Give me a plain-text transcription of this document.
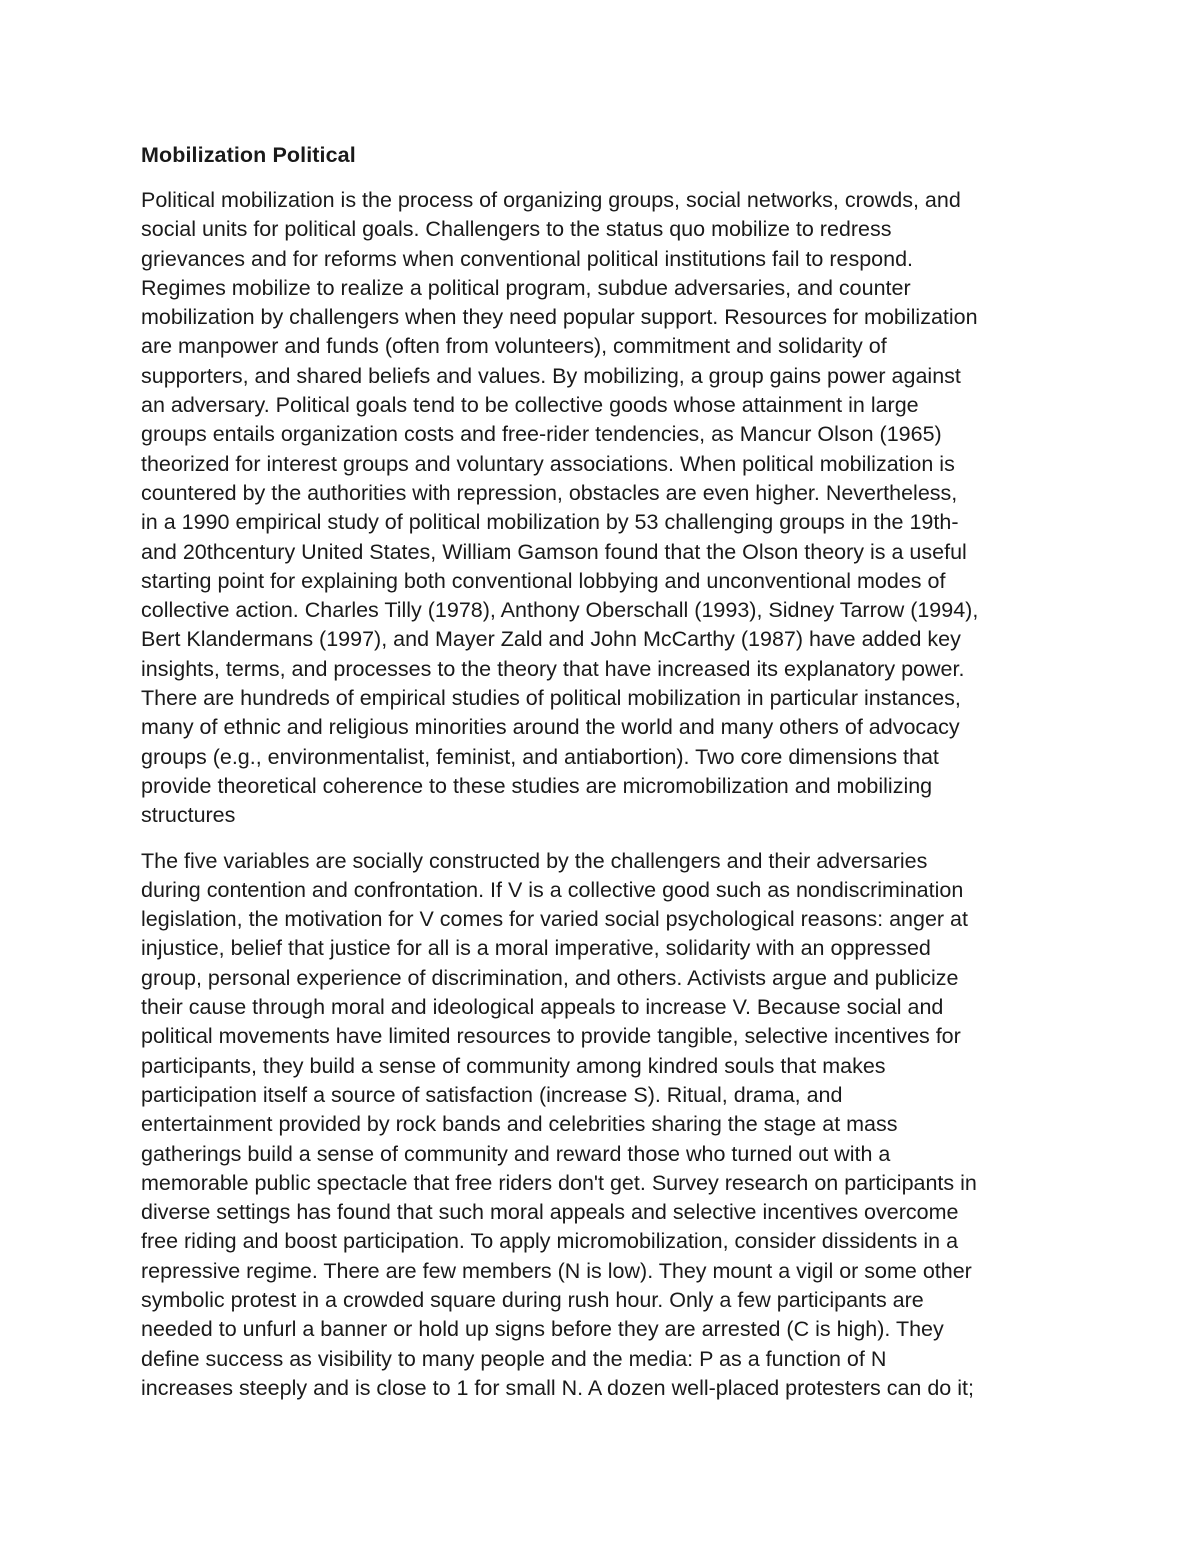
Mobilization Political
Political mobilization is the process of organizing groups, social networks, crowds, and
social units for political goals. Challengers to the status quo mobilize to redress
grievances and for reforms when conventional political institutions fail to respond.
Regimes mobilize to realize a political program, subdue adversaries, and counter
mobilization by challengers when they need popular support. Resources for mobilization
are manpower and funds (often from volunteers), commitment and solidarity of
supporters, and shared beliefs and values. By mobilizing, a group gains power against
an adversary. Political goals tend to be collective goods whose attainment in large
groups entails organization costs and free-rider tendencies, as Mancur Olson (1965)
theorized for interest groups and voluntary associations. When political mobilization is
countered by the authorities with repression, obstacles are even higher. Nevertheless,
in a 1990 empirical study of political mobilization by 53 challenging groups in the 19th-
and 20thcentury United States, William Gamson found that the Olson theory is a useful
starting point for explaining both conventional lobbying and unconventional modes of
collective action. Charles Tilly (1978), Anthony Oberschall (1993), Sidney Tarrow (1994),
Bert Klandermans (1997), and Mayer Zald and John McCarthy (1987) have added key
insights, terms, and processes to the theory that have increased its explanatory power.
There are hundreds of empirical studies of political mobilization in particular instances,
many of ethnic and religious minorities around the world and many others of advocacy
groups (e.g., environmentalist, feminist, and antiabortion). Two core dimensions that
provide theoretical coherence to these studies are micromobilization and mobilizing
structures
The five variables are socially constructed by the challengers and their adversaries
during contention and confrontation. If V is a collective good such as nondiscrimination
legislation, the motivation for V comes for varied social psychological reasons: anger at
injustice, belief that justice for all is a moral imperative, solidarity with an oppressed
group, personal experience of discrimination, and others. Activists argue and publicize
their cause through moral and ideological appeals to increase V. Because social and
political movements have limited resources to provide tangible, selective incentives for
participants, they build a sense of community among kindred souls that makes
participation itself a source of satisfaction (increase S). Ritual, drama, and
entertainment provided by rock bands and celebrities sharing the stage at mass
gatherings build a sense of community and reward those who turned out with a
memorable public spectacle that free riders don't get. Survey research on participants in
diverse settings has found that such moral appeals and selective incentives overcome
free riding and boost participation. To apply micromobilization, consider dissidents in a
repressive regime. There are few members (N is low). They mount a vigil or some other
symbolic protest in a crowded square during rush hour. Only a few participants are
needed to unfurl a banner or hold up signs before they are arrested (C is high). They
define success as visibility to many people and the media: P as a function of N
increases steeply and is close to 1 for small N. A dozen well-placed protesters can do it;
